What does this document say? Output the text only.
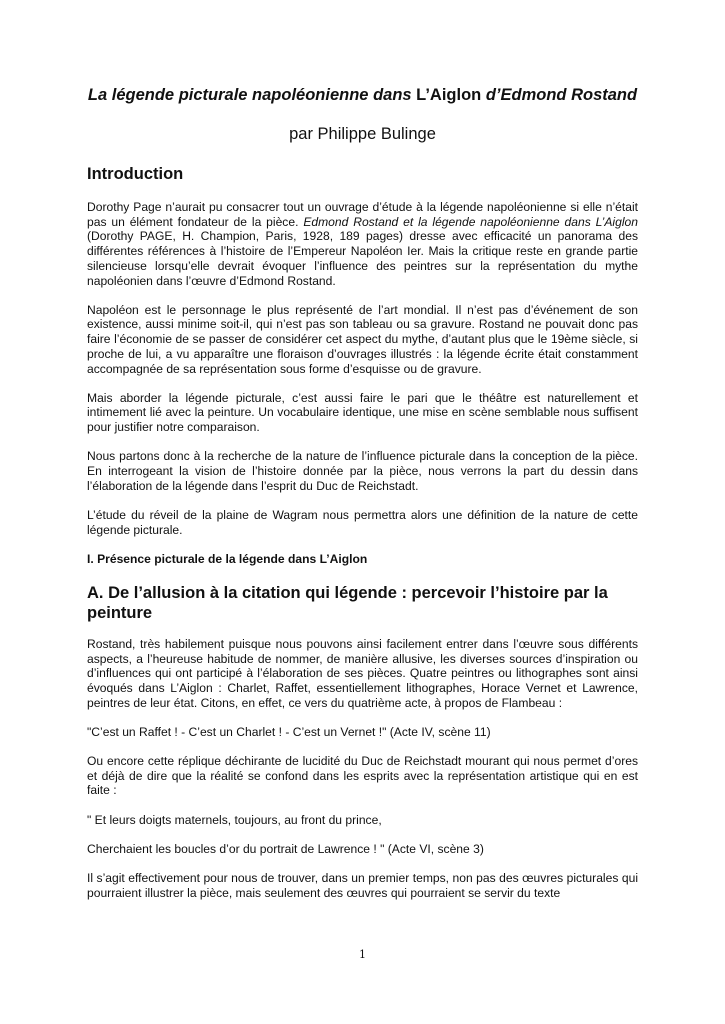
La légende picturale napoléonienne dans L’Aiglon d’Edmond Rostand
par Philippe Bulinge
Introduction

Dorothy Page n’aurait pu consacrer tout un ouvrage d’étude à la légende napoléonienne si elle n’était pas un élément fondateur de la pièce. Edmond Rostand et la légende napoléonienne dans L’Aiglon (Dorothy PAGE, H. Champion, Paris, 1928, 189 pages) dresse avec efficacité un panorama des différentes références à l’histoire de l’Empereur Napoléon Ier. Mais la critique reste en grande partie silencieuse lorsqu’elle devrait évoquer l’influence des peintres sur la représentation du mythe napoléonien dans l’œuvre d’Edmond Rostand.

Napoléon est le personnage le plus représenté de l’art mondial. Il n’est pas d’événement de son existence, aussi minime soit-il, qui n’est pas son tableau ou sa gravure. Rostand ne pouvait donc pas faire l’économie de se passer de considérer cet aspect du mythe, d’autant plus que le 19ème siècle, si proche de lui, a vu apparaître une floraison d’ouvrages illustrés : la légende écrite était constamment accompagnée de sa représentation sous forme d’esquisse ou de gravure.

Mais aborder la légende picturale, c’est aussi faire le pari que le théâtre est naturellement et intimement lié avec la peinture. Un vocabulaire identique, une mise en scène semblable nous suffisent pour justifier notre comparaison.

Nous partons donc à la recherche de la nature de l’influence picturale dans la conception de la pièce. En interrogeant la vision de l’histoire donnée par la pièce, nous verrons la part du dessin dans l’élaboration de la légende dans l’esprit du Duc de Reichstadt.

L’étude du réveil de la plaine de Wagram nous permettra alors une définition de la nature de cette légende picturale.

I. Présence picturale de la légende dans L’Aiglon
A. De l’allusion à la citation qui légende : percevoir l’histoire par la peinture

Rostand, très habilement puisque nous pouvons ainsi facilement entrer dans l’œuvre sous différents aspects, a l’heureuse habitude de nommer, de manière allusive, les diverses sources d’inspiration ou d’influences qui ont participé à l’élaboration de ses pièces. Quatre peintres ou lithographes sont ainsi évoqués dans L’Aiglon : Charlet, Raffet, essentiellement lithographes, Horace Vernet et Lawrence, peintres de leur état. Citons, en effet, ce vers du quatrième acte, à propos de Flambeau :

"C’est un Raffet ! - C’est un Charlet ! - C’est un Vernet !" (Acte IV, scène 11)

Ou encore cette réplique déchirante de lucidité du Duc de Reichstadt mourant qui nous permet d’ores et déjà de dire que la réalité se confond dans les esprits avec la représentation artistique qui en est faite :

" Et leurs doigts maternels, toujours, au front du prince,

Cherchaient les boucles d’or du portrait de Lawrence ! " (Acte VI, scène 3)

Il s’agit effectivement pour nous de trouver, dans un premier temps, non pas des œuvres picturales qui pourraient illustrer la pièce, mais seulement des œuvres qui pourraient se servir du texte

1
